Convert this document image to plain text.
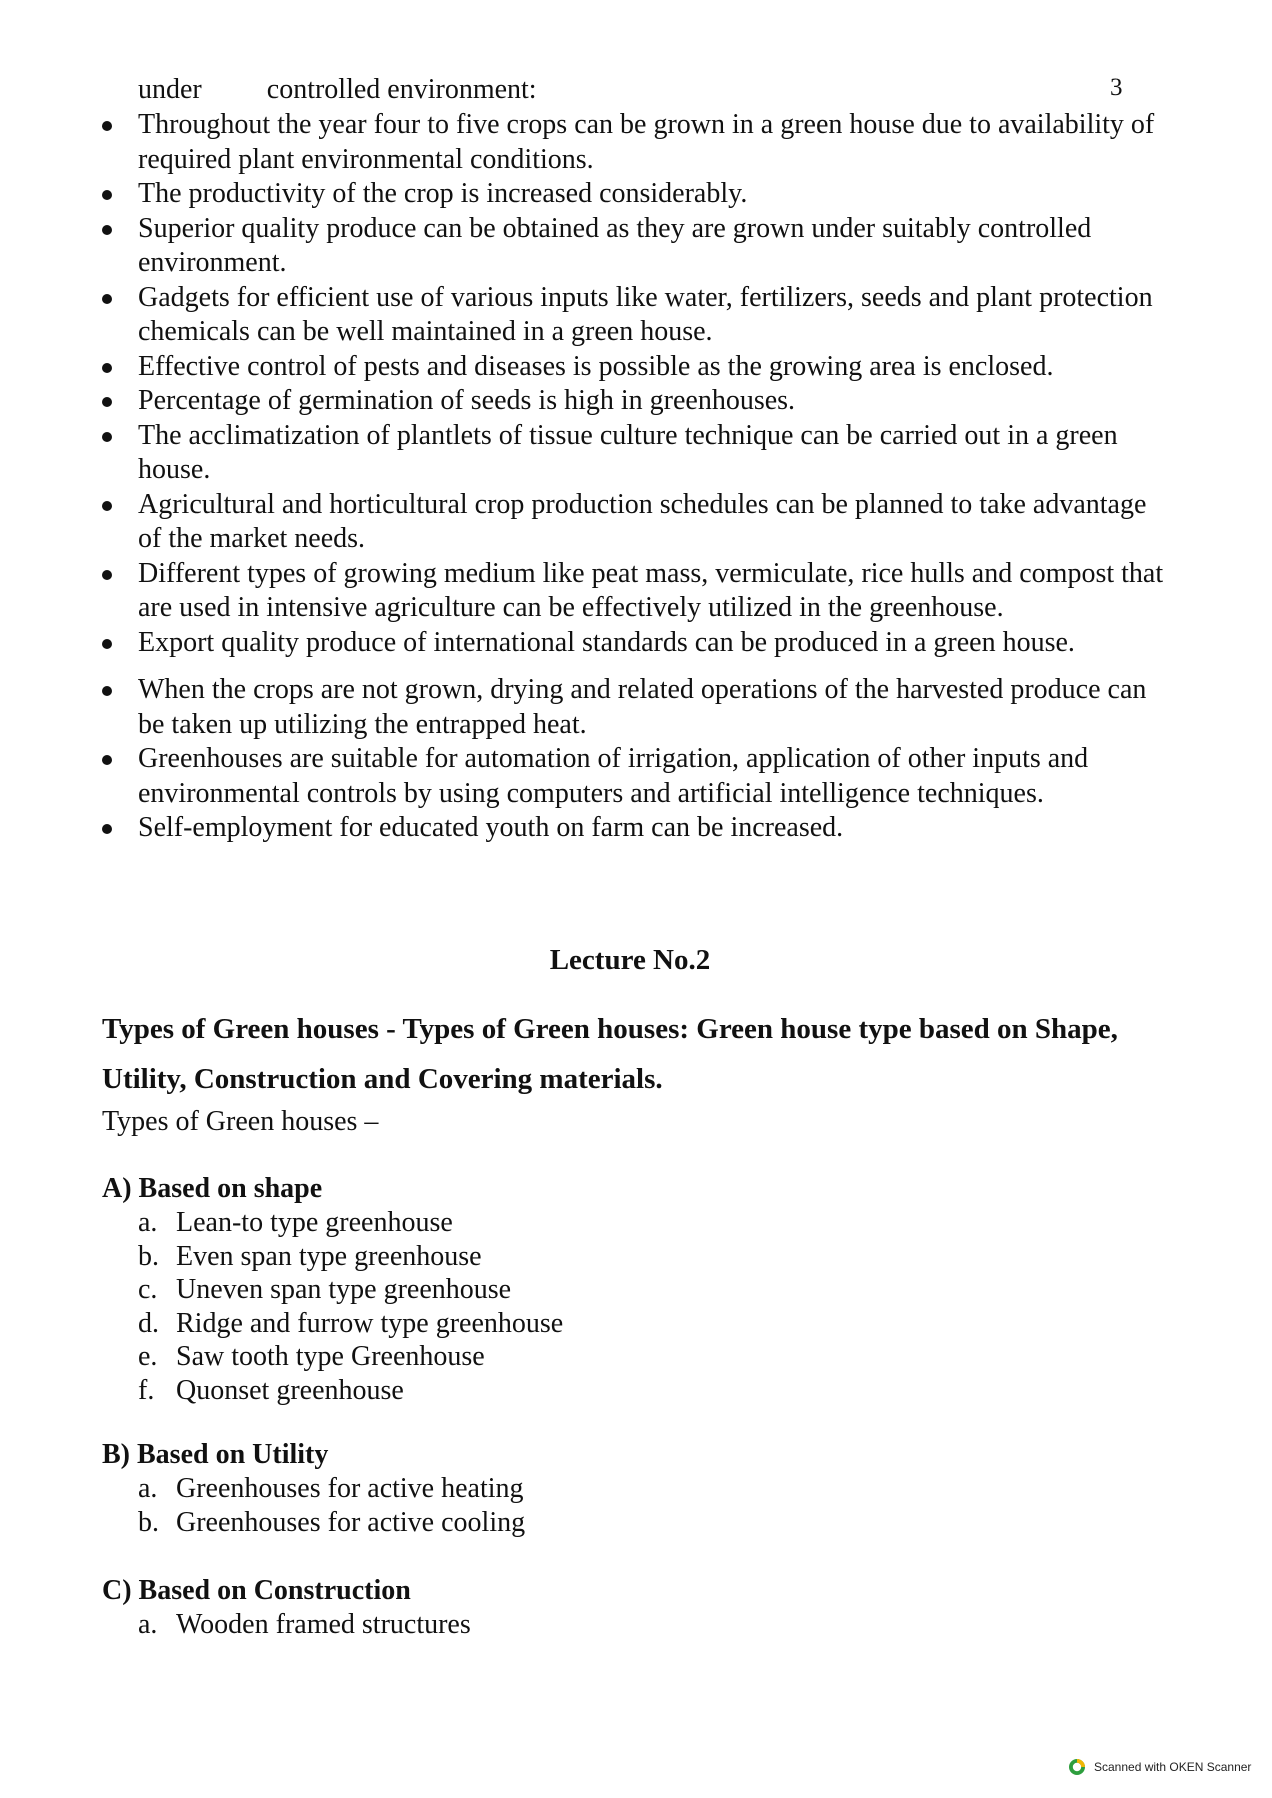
3
under controlled environment:
Throughout the year four to five crops can be grown in a green house due to availability of required plant environmental conditions.
The productivity of the crop is increased considerably.
Superior quality produce can be obtained as they are grown under suitably controlled environment.
Gadgets for efficient use of various inputs like water, fertilizers, seeds and plant protection chemicals can be well maintained in a green house.
Effective control of pests and diseases is possible as the growing area is enclosed.
Percentage of germination of seeds is high in greenhouses.
The acclimatization of plantlets of tissue culture technique can be carried out in a green house.
Agricultural and horticultural crop production schedules can be planned to take advantage of the market needs.
Different types of growing medium like peat mass, vermiculate, rice hulls and compost that are used in intensive agriculture can be effectively utilized in the greenhouse.
Export quality produce of international standards can be produced in a green house.
When the crops are not grown, drying and related operations of the harvested produce can be taken up utilizing the entrapped heat.
Greenhouses are suitable for automation of irrigation, application of other inputs and environmental controls by using computers and artificial intelligence techniques.
Self-employment for educated youth on farm can be increased.
Lecture No.2
Types of Green houses - Types of Green houses: Green house type based on Shape, Utility, Construction and Covering materials.
Types of Green houses –
A) Based on shape
a. Lean-to type greenhouse
b. Even span type greenhouse
c. Uneven span type greenhouse
d. Ridge and furrow type greenhouse
e. Saw tooth type Greenhouse
f. Quonset greenhouse
B) Based on Utility
a. Greenhouses for active heating
b. Greenhouses for active cooling
C) Based on Construction
a. Wooden framed structures
Scanned with OKEN Scanner
